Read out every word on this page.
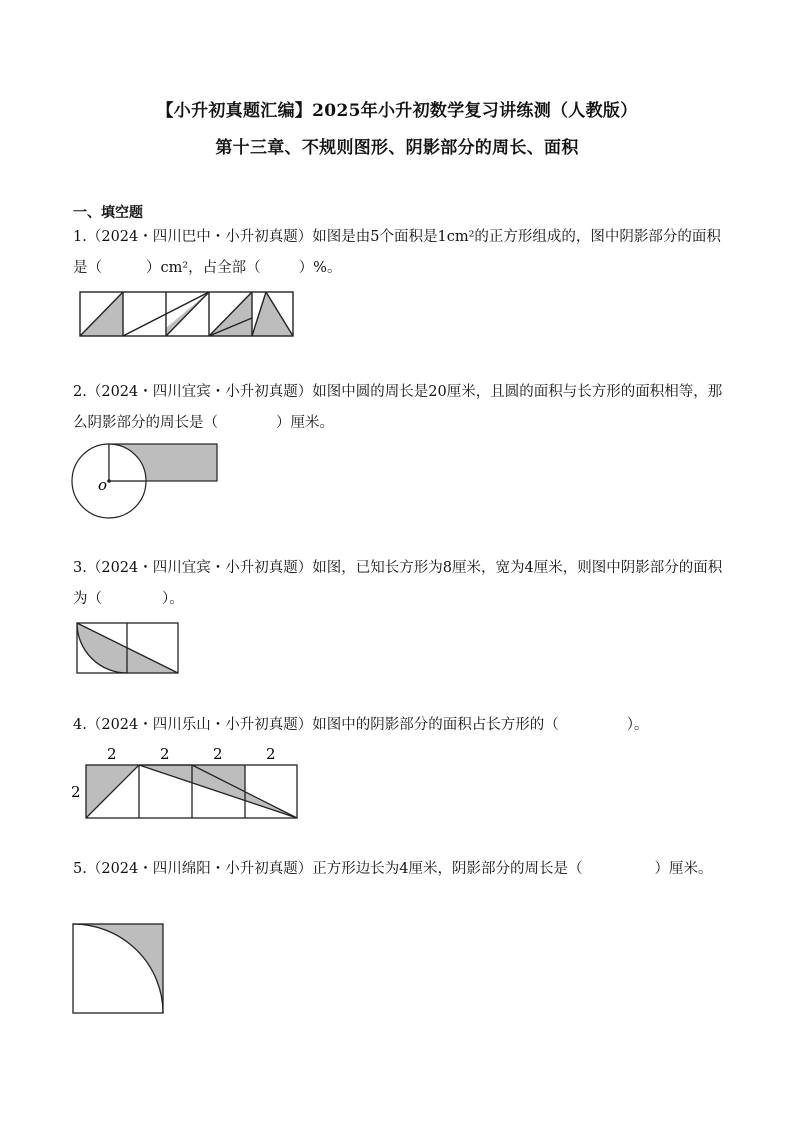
【小升初真题汇编】2025年小升初数学复习讲练测（人教版）
第十三章、不规则图形、阴影部分的周长、面积
一、填空题
1.（2024・四川巴中・小升初真题）如图是由5个面积是1cm²的正方形组成的，图中阴影部分的面积是（	）cm²，占全部（	）%。
2.（2024・四川宜宾・小升初真题）如图中圆的周长是20厘米，且圆的面积与长方形的面积相等，那么阴影部分的周长是（	）厘米。
o
3.（2024・四川宜宾・小升初真题）如图，已知长方形为8厘米，宽为4厘米，则图中阴影部分的面积为（	）。
4.（2024・四川乐山・小升初真题）如图中的阴影部分的面积占长方形的（	）。
2	2	2	2
2
5.（2024・四川绵阳・小升初真题）正方形边长为4厘米，阴影部分的周长是（	）厘米。
